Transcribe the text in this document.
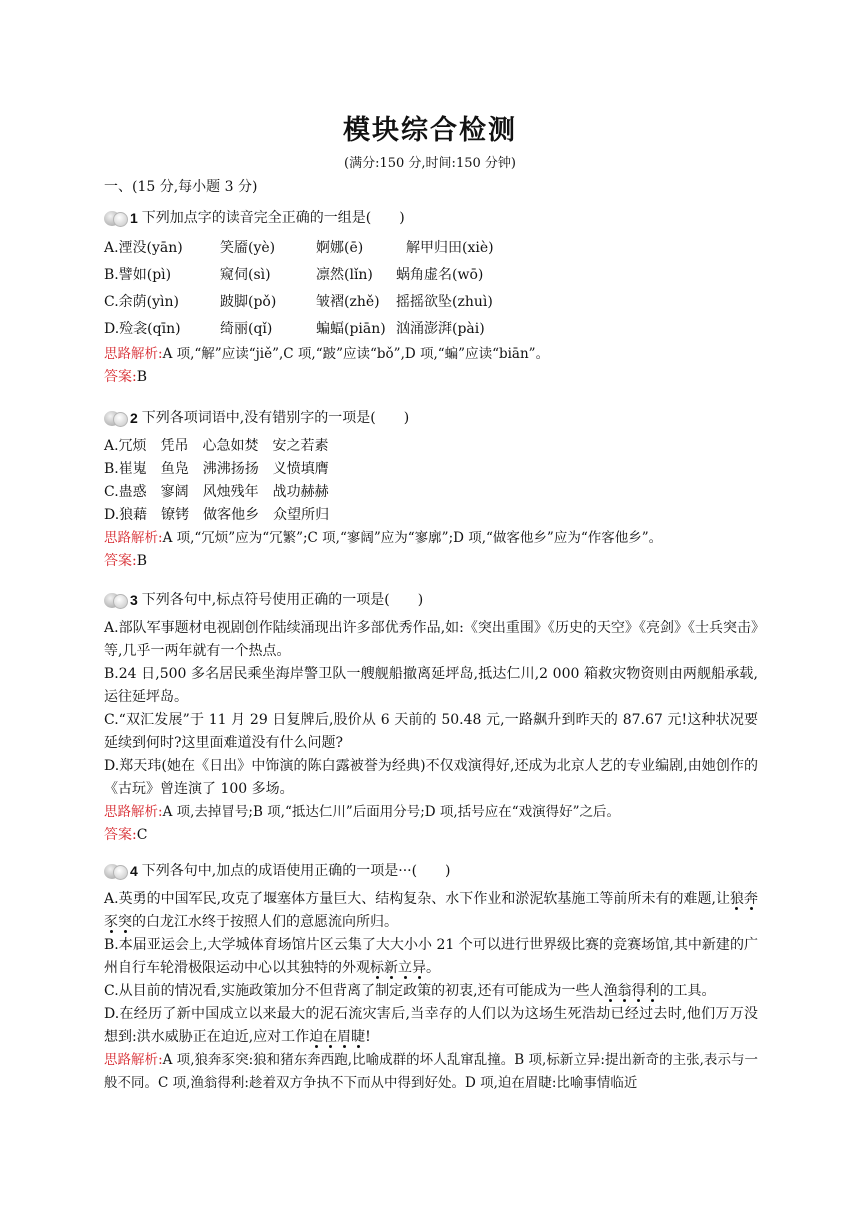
模块综合检测
(满分:150 分,时间:150 分钟)
一、(15 分,每小题 3 分)
1 下列加点字的读音完全正确的一组是(　　)
A.湮没(yān)	笑靥(yè)	婀娜(ē)	解甲归田(xiè)
B.譬如(pì)	窥伺(sì)	凛然(lǐn) 蜗角虚名(wō)
C.余荫(yìn)	跛脚(pǒ)	皱褶(zhě) 摇摇欲坠(zhuì)
D.殓衾(qīn)	绮丽(qǐ)	蝙蝠(piān) 汹涌澎湃(pài)
思路解析:A 项,“解”应读“jiě”,C 项,“跛”应读“bǒ”,D 项,“蝙”应读“biān”。
答案:B
2 下列各项词语中,没有错别字的一项是(　　)
A.冗烦　凭吊　心急如焚　安之若素
B.崔嵬　鱼凫　沸沸扬扬　义愤填膺
C.蛊惑　寥阔　风烛残年　战功赫赫
D.狼藉　镣铐　做客他乡　众望所归
思路解析:A 项,“冗烦”应为“冗繁”;C 项,“寥阔”应为“寥廓”;D 项,“做客他乡”应为“作客他乡”。
答案:B
3 下列各句中,标点符号使用正确的一项是(　　)
A.部队军事题材电视剧创作陆续涌现出许多部优秀作品,如:《突出重围》《历史的天空》《亮剑》《士兵突击》等,几乎一两年就有一个热点。
B.24 日,500 多名居民乘坐海岸警卫队一艘舰船撤离延坪岛,抵达仁川,2 000 箱救灾物资则由两舰船承载,运往延坪岛。
C.“双汇发展”于 11 月 29 日复牌后,股价从 6 天前的 50.48 元,一路飙升到昨天的 87.67 元!这种状况要延续到何时?这里面难道没有什么问题?
D.郑天玮(她在《日出》中饰演的陈白露被誉为经典)不仅戏演得好,还成为北京人艺的专业编剧,由她创作的《古玩》曾连演了 100 多场。
思路解析:A 项,去掉冒号;B 项,“抵达仁川”后面用分号;D 项,括号应在“戏演得好”之后。
答案:C
4 下列各句中,加点的成语使用正确的一项是···(　　)
A.英勇的中国军民,攻克了堰塞体方量巨大、结构复杂、水下作业和淤泥软基施工等前所未有的难题,让狼奔豕突的白龙江水终于按照人们的意愿流向所归。
B.本届亚运会上,大学城体育场馆片区云集了大大小小 21 个可以进行世界级比赛的竞赛场馆,其中新建的广州自行车轮滑极限运动中心以其独特的外观标新立异。
C.从目前的情况看,实施政策加分不但背离了制定政策的初衷,还有可能成为一些人渔翁得利的工具。
D.在经历了新中国成立以来最大的泥石流灾害后,当幸存的人们以为这场生死浩劫已经过去时,他们万万没想到:洪水威胁正在迫近,应对工作迫在眉睫!
思路解析:A 项,狼奔豕突:狼和猪东奔西跑,比喻成群的坏人乱窜乱撞。B 项,标新立异:提出新奇的主张,表示与一般不同。C 项,渔翁得利:趁着双方争执不下而从中得到好处。D 项,迫在眉睫:比喻事情临近
